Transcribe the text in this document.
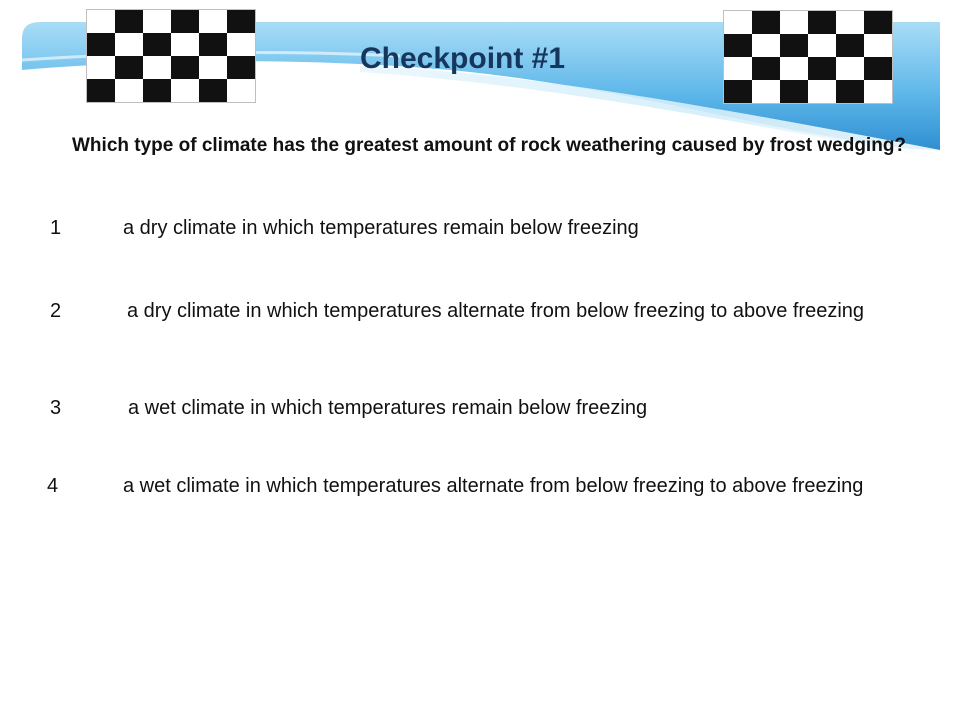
Checkpoint #1
Which type of climate has the greatest amount of rock weathering caused by frost wedging?
1	a dry climate in which temperatures remain below freezing
2	a dry climate in which temperatures alternate from below freezing to above freezing
3	a wet climate in which temperatures remain below freezing
4	a wet climate in which temperatures alternate from below freezing to above freezing
